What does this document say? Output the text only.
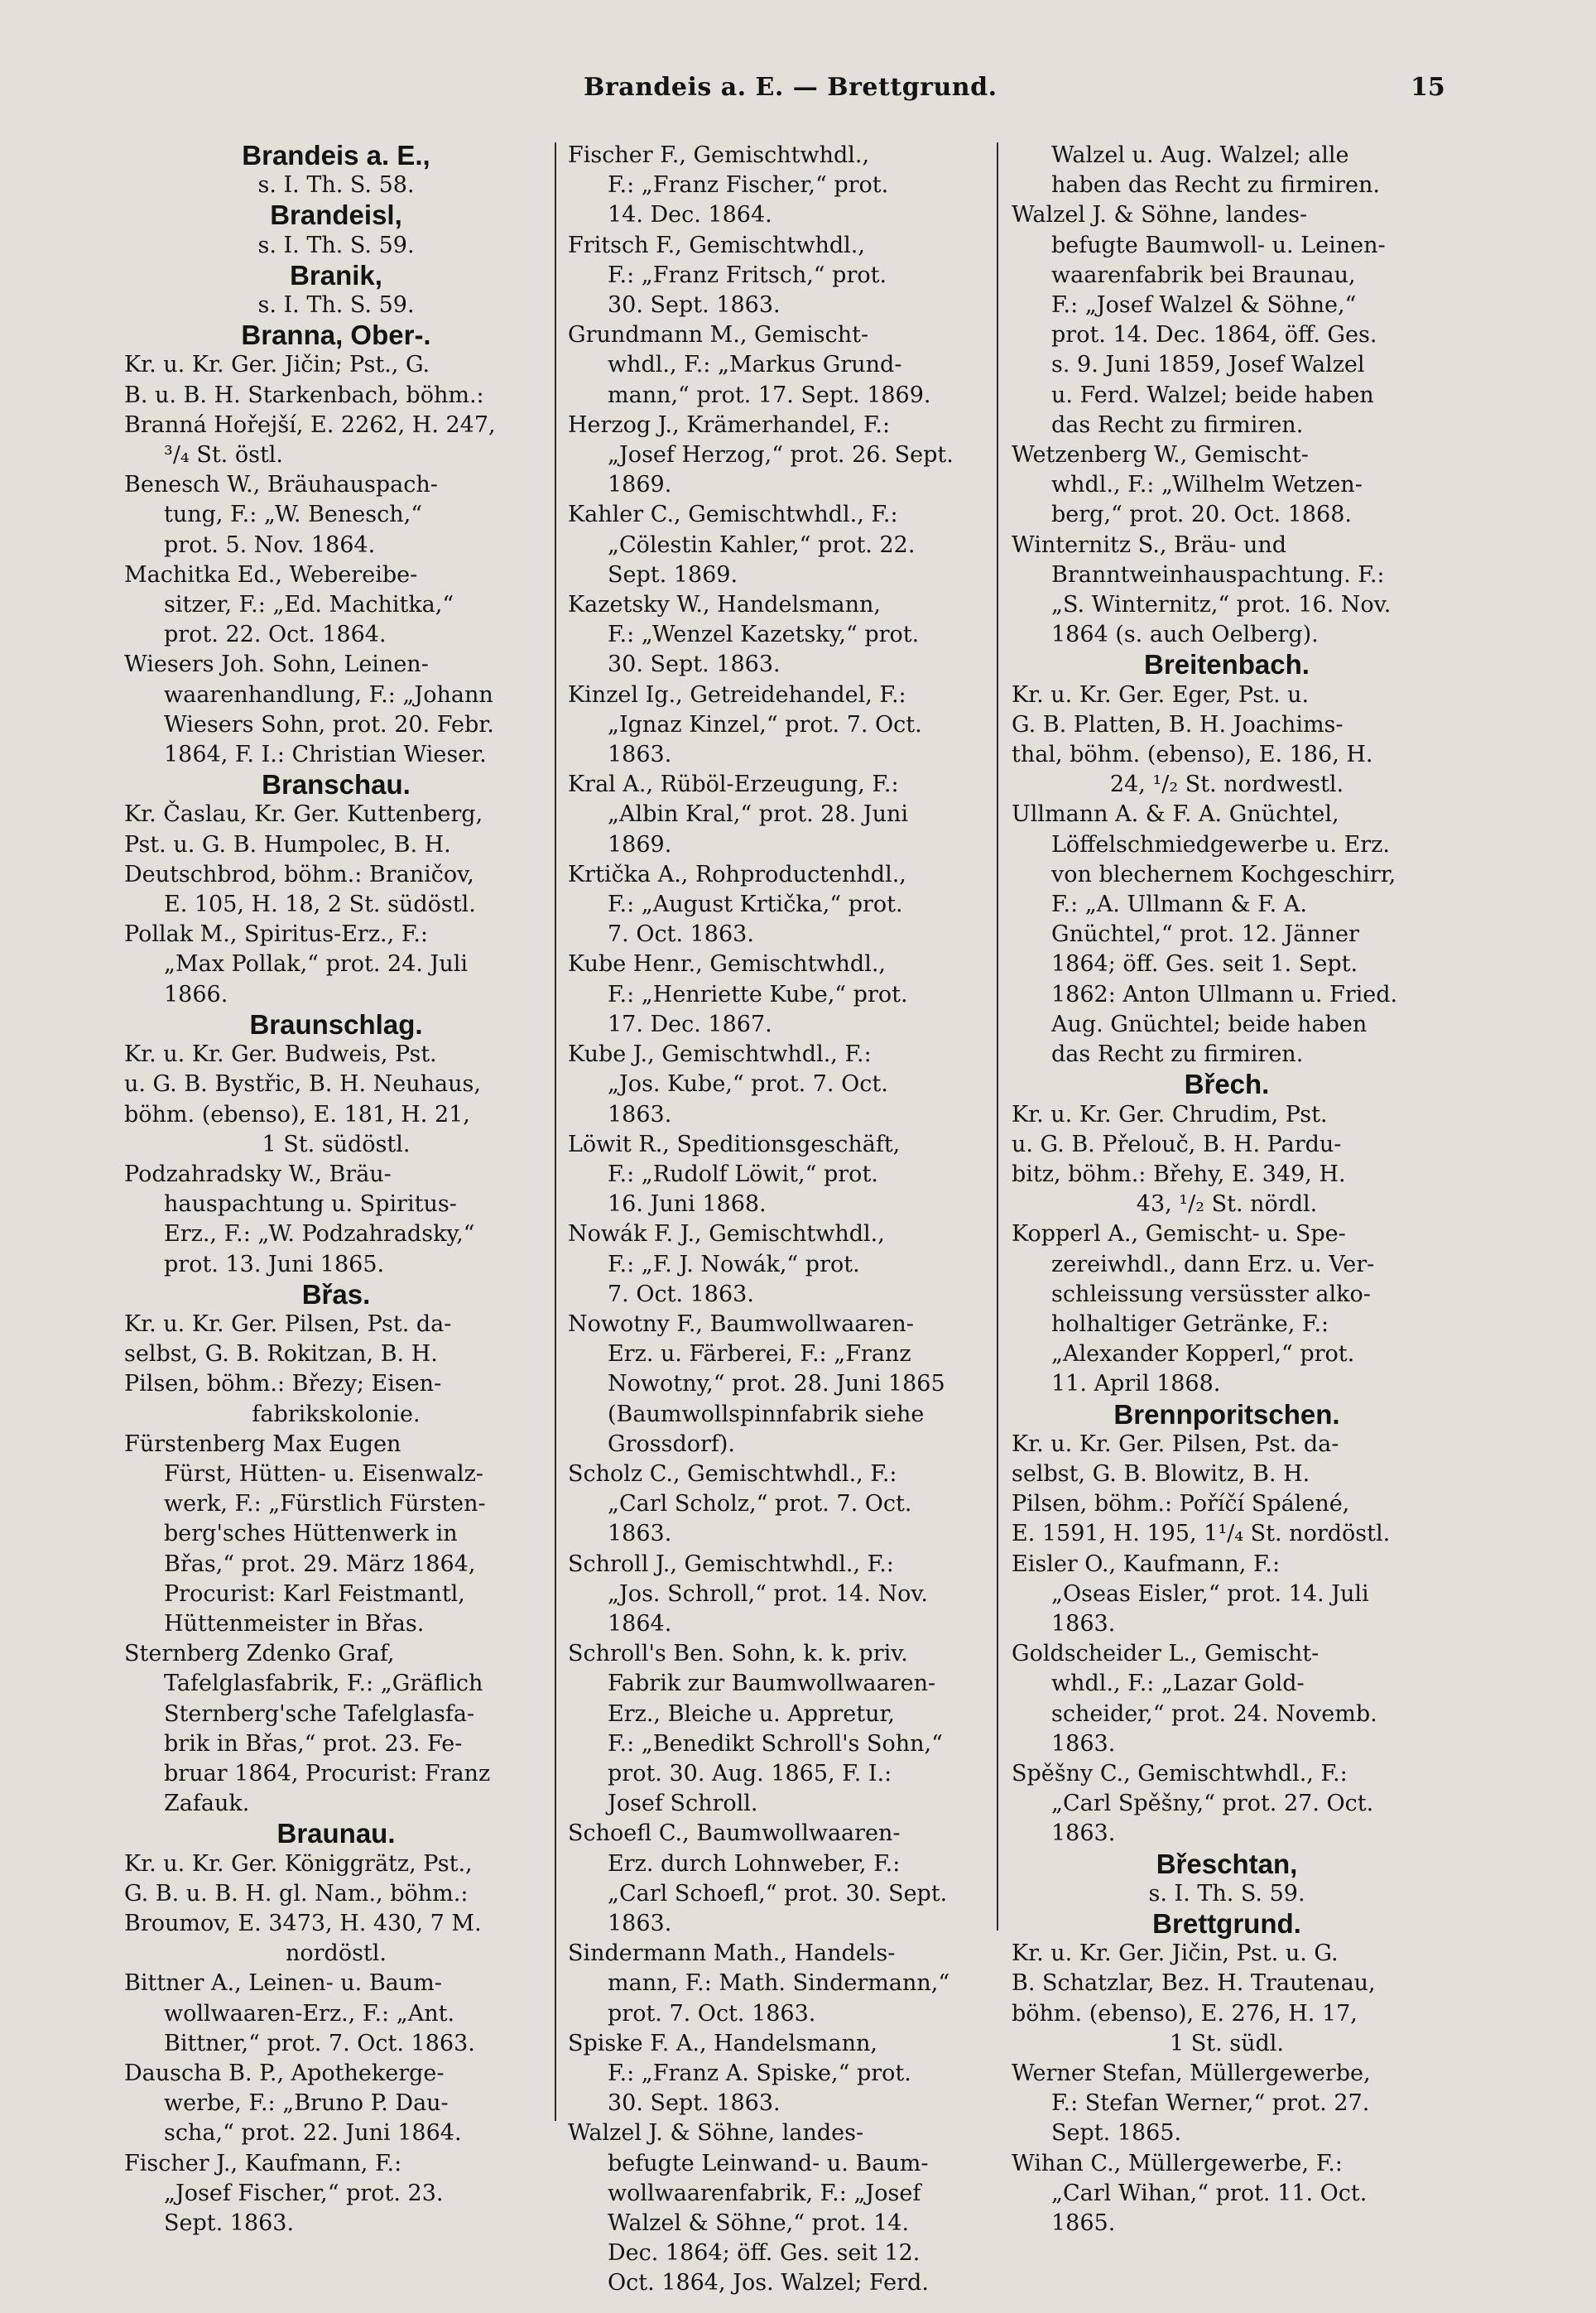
Brandeis a. E. — Brettgrund.	15
Brandeis a. E.,
s. I. Th. S. 58.
Brandeisl,
s. I. Th. S. 59.
Branik,
s. I. Th. S. 59.
Branna, Ober-.
Kr. u. Kr. Ger. Jičin; Pst., G.
B. u. B. H. Starkenbach, böhm.:
Branná Hořejší, E. 2262, H. 247,
³/₄ St. östl.
Benesch W., Bräuhauspach-
tung, F.: „W. Benesch,“
prot. 5. Nov. 1864.
Machitka Ed., Webereibe-
sitzer, F.: „Ed. Machitka,“
prot. 22. Oct. 1864.
Wiesers Joh. Sohn, Leinen-
waarenhandlung, F.: „Johann
Wiesers Sohn, prot. 20. Febr.
1864, F. I.: Christian Wieser.
Branschau.
Kr. Časlau, Kr. Ger. Kuttenberg,
Pst. u. G. B. Humpolec, B. H.
Deutschbrod, böhm.: Braničov,
E. 105, H. 18, 2 St. südöstl.
Pollak M., Spiritus-Erz., F.:
„Max Pollak,“ prot. 24. Juli
1866.
Braunschlag.
Kr. u. Kr. Ger. Budweis, Pst.
u. G. B. Bystřic, B. H. Neuhaus,
böhm. (ebenso), E. 181, H. 21,
1 St. südöstl.
Podzahradsky W., Bräu-
hauspachtung u. Spiritus-
Erz., F.: „W. Podzahradsky,“
prot. 13. Juni 1865.
Břas.
Kr. u. Kr. Ger. Pilsen, Pst. da-
selbst, G. B. Rokitzan, B. H.
Pilsen, böhm.: Březy; Eisen-
fabrikskolonie.
Fürstenberg Max Eugen
Fürst, Hütten- u. Eisenwalz-
werk, F.: „Fürstlich Fürsten-
berg'sches Hüttenwerk in
Břas,“ prot. 29. März 1864,
Procurist: Karl Feistmantl,
Hüttenmeister in Břas.
Sternberg Zdenko Graf,
Tafelglasfabrik, F.: „Gräflich
Sternberg'sche Tafelglasfa-
brik in Břas,“ prot. 23. Fe-
bruar 1864, Procurist: Franz
Zafauk.
Braunau.
Kr. u. Kr. Ger. Königgrätz, Pst.,
G. B. u. B. H. gl. Nam., böhm.:
Broumov, E. 3473, H. 430, 7 M.
nordöstl.
Bittner A., Leinen- u. Baum-
wollwaaren-Erz., F.: „Ant.
Bittner,“ prot. 7. Oct. 1863.
Dauscha B. P., Apothekerge-
werbe, F.: „Bruno P. Dau-
scha,“ prot. 22. Juni 1864.
Fischer J., Kaufmann, F.:
„Josef Fischer,“ prot. 23.
Sept. 1863.
Fischer F., Gemischtwhdl.,
F.: „Franz Fischer,“ prot.
14. Dec. 1864.
Fritsch F., Gemischtwhdl.,
F.: „Franz Fritsch,“ prot.
30. Sept. 1863.
Grundmann M., Gemischt-
whdl., F.: „Markus Grund-
mann,“ prot. 17. Sept. 1869.
Herzog J., Krämerhandel, F.:
„Josef Herzog,“ prot. 26. Sept.
1869.
Kahler C., Gemischtwhdl., F.:
„Cölestin Kahler,“ prot. 22.
Sept. 1869.
Kazetsky W., Handelsmann,
F.: „Wenzel Kazetsky,“ prot.
30. Sept. 1863.
Kinzel Ig., Getreidehandel, F.:
„Ignaz Kinzel,“ prot. 7. Oct.
1863.
Kral A., Rüböl-Erzeugung, F.:
„Albin Kral,“ prot. 28. Juni
1869.
Krtička A., Rohproductenhdl.,
F.: „August Krtička,“ prot.
7. Oct. 1863.
Kube Henr., Gemischtwhdl.,
F.: „Henriette Kube,“ prot.
17. Dec. 1867.
Kube J., Gemischtwhdl., F.:
„Jos. Kube,“ prot. 7. Oct.
1863.
Löwit R., Speditionsgeschäft,
F.: „Rudolf Löwit,“ prot.
16. Juni 1868.
Nowák F. J., Gemischtwhdl.,
F.: „F. J. Nowák,“ prot.
7. Oct. 1863.
Nowotny F., Baumwollwaaren-
Erz. u. Färberei, F.: „Franz
Nowotny,“ prot. 28. Juni 1865
(Baumwollspinnfabrik siehe
Grossdorf).
Scholz C., Gemischtwhdl., F.:
„Carl Scholz,“ prot. 7. Oct.
1863.
Schroll J., Gemischtwhdl., F.:
„Jos. Schroll,“ prot. 14. Nov.
1864.
Schroll's Ben. Sohn, k. k. priv.
Fabrik zur Baumwollwaaren-
Erz., Bleiche u. Appretur,
F.: „Benedikt Schroll's Sohn,“
prot. 30. Aug. 1865, F. I.:
Josef Schroll.
Schoefl C., Baumwollwaaren-
Erz. durch Lohnweber, F.:
„Carl Schoefl,“ prot. 30. Sept.
1863.
Sindermann Math., Handels-
mann, F.: Math. Sindermann,“
prot. 7. Oct. 1863.
Spiske F. A., Handelsmann,
F.: „Franz A. Spiske,“ prot.
30. Sept. 1863.
Walzel J. & Söhne, landes-
befugte Leinwand- u. Baum-
wollwaarenfabrik, F.: „Josef
Walzel & Söhne,“ prot. 14.
Dec. 1864; öff. Ges. seit 12.
Oct. 1864, Jos. Walzel; Ferd.
Walzel u. Aug. Walzel; alle
haben das Recht zu firmiren.
Walzel J. & Söhne, landes-
befugte Baumwoll- u. Leinen-
waarenfabrik bei Braunau,
F.: „Josef Walzel & Söhne,“
prot. 14. Dec. 1864, öff. Ges.
s. 9. Juni 1859, Josef Walzel
u. Ferd. Walzel; beide haben
das Recht zu firmiren.
Wetzenberg W., Gemischt-
whdl., F.: „Wilhelm Wetzen-
berg,“ prot. 20. Oct. 1868.
Winternitz S., Bräu- und
Branntweinhauspachtung. F.:
„S. Winternitz,“ prot. 16. Nov.
1864 (s. auch Oelberg).
Breitenbach.
Kr. u. Kr. Ger. Eger, Pst. u.
G. B. Platten, B. H. Joachims-
thal, böhm. (ebenso), E. 186, H.
24, ¹/₂ St. nordwestl.
Ullmann A. & F. A. Gnüchtel,
Löffelschmiedgewerbe u. Erz.
von blechernem Kochgeschirr,
F.: „A. Ullmann & F. A.
Gnüchtel,“ prot. 12. Jänner
1864; öff. Ges. seit 1. Sept.
1862: Anton Ullmann u. Fried.
Aug. Gnüchtel; beide haben
das Recht zu firmiren.
Břech.
Kr. u. Kr. Ger. Chrudim, Pst.
u. G. B. Přelouč, B. H. Pardu-
bitz, böhm.: Břehy, E. 349, H.
43, ¹/₂ St. nördl.
Kopperl A., Gemischt- u. Spe-
zereiwhdl., dann Erz. u. Ver-
schleissung versüsster alko-
holhaltiger Getränke, F.:
„Alexander Kopperl,“ prot.
11. April 1868.
Brennporitschen.
Kr. u. Kr. Ger. Pilsen, Pst. da-
selbst, G. B. Blowitz, B. H.
Pilsen, böhm.: Poříčí Spálené,
E. 1591, H. 195, 1¹/₄ St. nordöstl.
Eisler O., Kaufmann, F.:
„Oseas Eisler,“ prot. 14. Juli
1863.
Goldscheider L., Gemischt-
whdl., F.: „Lazar Gold-
scheider,“ prot. 24. Novemb.
1863.
Spěšny C., Gemischtwhdl., F.:
„Carl Spěšny,“ prot. 27. Oct.
1863.
Břeschtan,
s. I. Th. S. 59.
Brettgrund.
Kr. u. Kr. Ger. Jičin, Pst. u. G.
B. Schatzlar, Bez. H. Trautenau,
böhm. (ebenso), E. 276, H. 17,
1 St. südl.
Werner Stefan, Müllergewerbe,
F.: Stefan Werner,“ prot. 27.
Sept. 1865.
Wihan C., Müllergewerbe, F.:
„Carl Wihan,“ prot. 11. Oct.
1865.
